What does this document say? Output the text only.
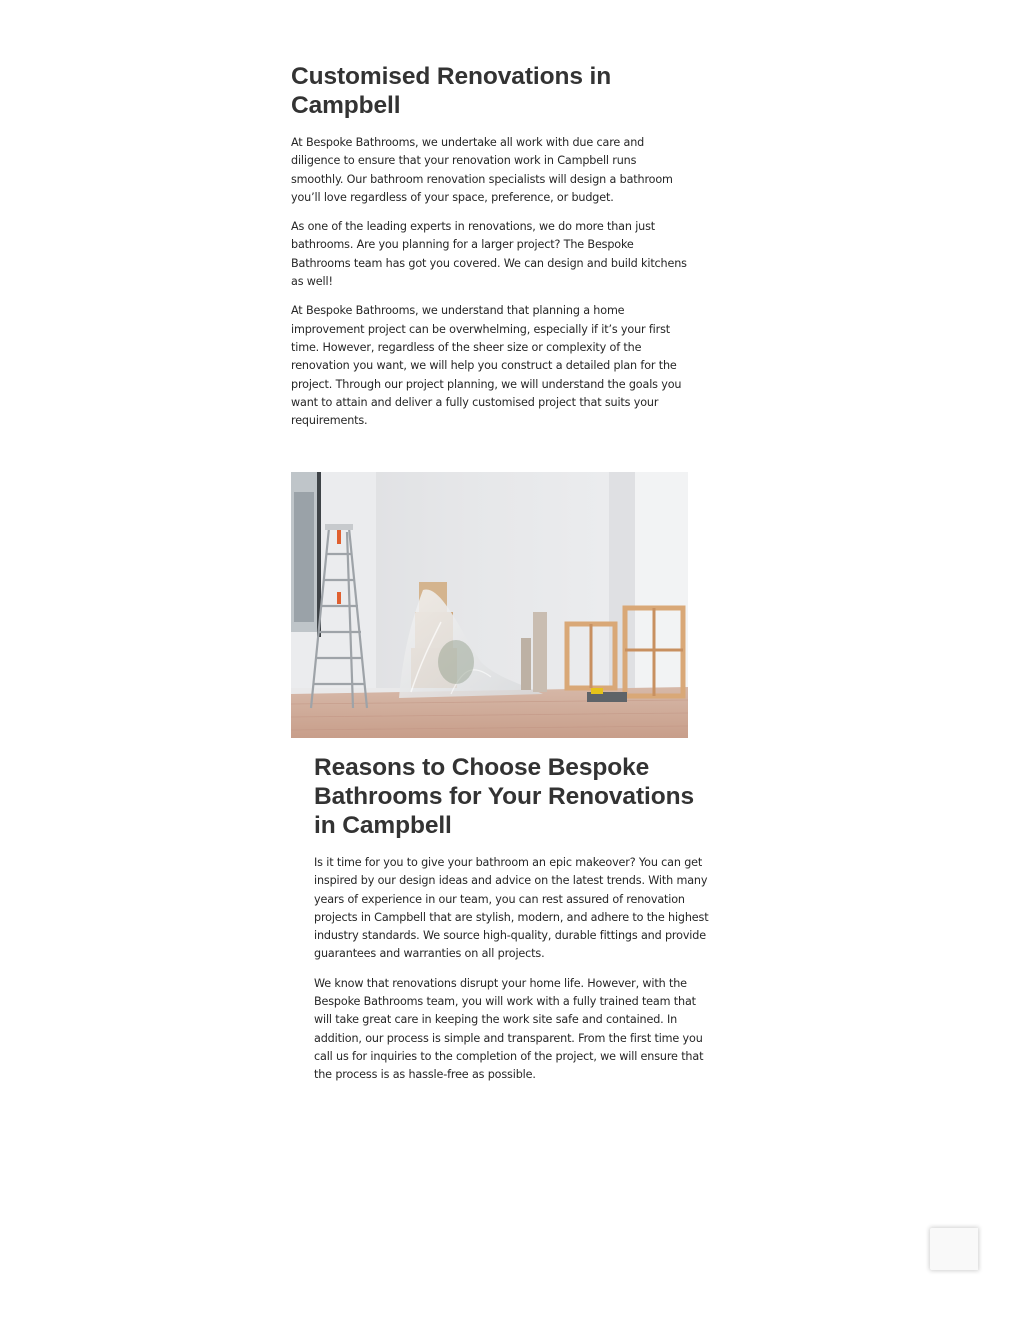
Customised Renovations in Campbell

At Bespoke Bathrooms, we undertake all work with due care and diligence to ensure that your renovation work in Campbell runs smoothly. Our bathroom renovation specialists will design a bathroom you’ll love regardless of your space, preference, or budget.

As one of the leading experts in renovations, we do more than just bathrooms. Are you planning for a larger project? The Bespoke Bathrooms team has got you covered. We can design and build kitchens as well!

At Bespoke Bathrooms, we understand that planning a home improvement project can be overwhelming, especially if it’s your first time. However, regardless of the sheer size or complexity of the renovation you want, we will help you construct a detailed plan for the project. Through our project planning, we will understand the goals you want to attain and deliver a fully customised project that suits your requirements.

Reasons to Choose Bespoke Bathrooms for Your Renovations in Campbell

Is it time for you to give your bathroom an epic makeover? You can get inspired by our design ideas and advice on the latest trends. With many years of experience in our team, you can rest assured of renovation projects in Campbell that are stylish, modern, and adhere to the highest industry standards. We source high-quality, durable fittings and provide guarantees and warranties on all projects.

We know that renovations disrupt your home life. However, with the Bespoke Bathrooms team, you will work with a fully trained team that will take great care in keeping the work site safe and contained. In addition, our process is simple and transparent. From the first time you call us for inquiries to the completion of the project, we will ensure that the process is as hassle-free as possible.
